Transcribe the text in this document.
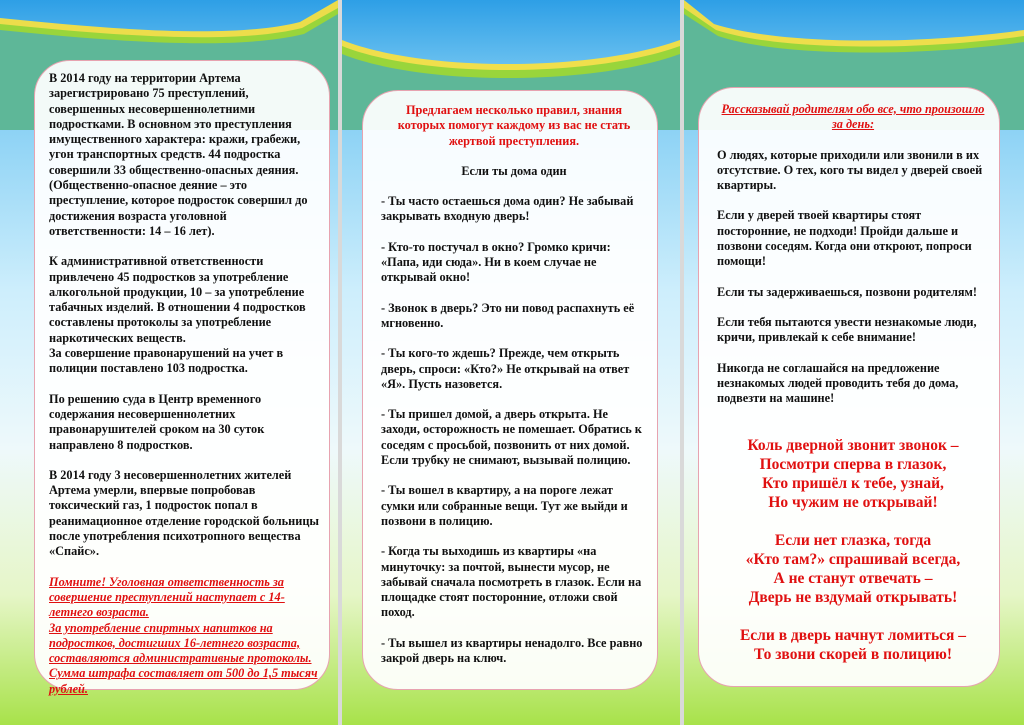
В 2014 году на территории Артема зарегистрировано 75 преступлений, совершенных несовершеннолетними подростками. В основном это преступления имущественного характера: кражи, грабежи, угон транспортных средств. 44 подростка совершили 33 общественно-опасных деяния. (Общественно-опасное деяние – это преступление, которое подросток совершил до достижения возраста уголовной ответственности: 14 – 16 лет).

К административной ответственности привлечено 45 подростков за употребление алкогольной продукции, 10 – за употребление табачных изделий. В отношении 4 подростков составлены протоколы за употребление наркотических веществ.

За совершение правонарушений на учет в полиции поставлено 103 подростка.

По решению суда в Центр временного содержания несовершеннолетних правонарушителей сроком на 30 суток направлено 8 подростков.

В 2014 году 3 несовершеннолетних жителей Артема умерли, впервые попробовав токсический газ, 1 подросток попал в реанимационное отделение городской больницы после употребления психотропного вещества «Спайс».

Помните! Уголовная ответственность за совершение преступлений наступает с 14-летнего возраста.

За употребление спиртных напитков на подростков, достигших 16-летнего возраста, составляются административные протоколы. Сумма штрафа составляет от 500 до 1,5 тысяч рублей.

Предлагаем несколько правил, знания которых помогут каждому из вас не стать жертвой преступления.

Если ты дома один

- Ты часто остаешься дома один? Не забывай закрывать входную дверь!

- Кто-то постучал в окно? Громко кричи: «Папа, иди сюда». Ни в коем случае не открывай окно!

- Звонок в дверь? Это ни повод распахнуть её мгновенно.

- Ты кого-то ждешь? Прежде, чем открыть дверь, спроси: «Кто?» Не открывай на ответ «Я». Пусть назовется.

- Ты пришел домой, а дверь открыта. Не заходи, осторожность не помешает. Обратись к соседям с просьбой, позвонить от них домой. Если трубку не снимают, вызывай полицию.

- Ты вошел в квартиру, а на пороге лежат сумки или собранные вещи. Тут же выйди и позвони в полицию.

- Когда ты выходишь из квартиры «на минуточку: за почтой, вынести мусор, не забывай сначала посмотреть в глазок. Если на площадке стоят посторонние, отложи свой поход.

- Ты вышел из квартиры ненадолго. Все равно закрой дверь на ключ.

Рассказывай родителям обо все, что произошло за день:

О людях, которые приходили или звонили в их отсутствие. О тех, кого ты видел у дверей своей квартиры.

Если у дверей твоей квартиры стоят посторонние, не подходи! Пройди дальше и позвони соседям. Когда они откроют, попроси помощи!

Если ты задерживаешься, позвони родителям!

Если тебя пытаются увести незнакомые люди, кричи, привлекай к себе внимание!

Никогда не соглашайся на предложение незнакомых людей проводить тебя до дома, подвезти на машине!

Коль дверной звонит звонок –
Посмотри сперва в глазок,
Кто пришёл к тебе, узнай,
Но чужим не открывай!
Если нет глазка, тогда
«Кто там?» спрашивай всегда,
А не станут отвечать –
Дверь не вздумай открывать!
Если в дверь начнут ломиться –
То звони скорей в полицию!
